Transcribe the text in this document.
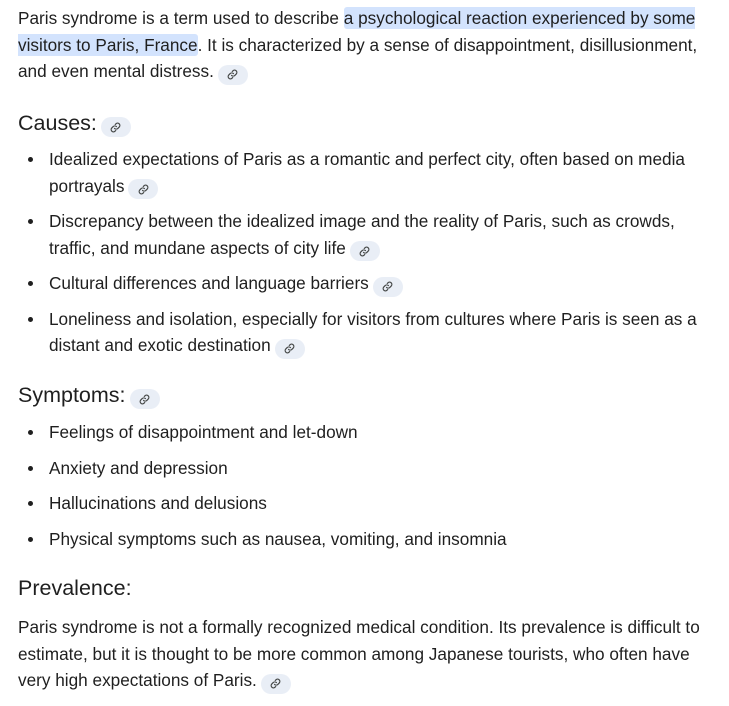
Paris syndrome is a term used to describe a psychological reaction experienced by some visitors to Paris, France. It is characterized by a sense of disappointment, disillusionment, and even mental distress.

Causes:
Idealized expectations of Paris as a romantic and perfect city, often based on media portrayals
Discrepancy between the idealized image and the reality of Paris, such as crowds, traffic, and mundane aspects of city life
Cultural differences and language barriers
Loneliness and isolation, especially for visitors from cultures where Paris is seen as a distant and exotic destination
Symptoms:
Feelings of disappointment and let-down
Anxiety and depression
Hallucinations and delusions
Physical symptoms such as nausea, vomiting, and insomnia
Prevalence:

Paris syndrome is not a formally recognized medical condition. Its prevalence is difficult to estimate, but it is thought to be more common among Japanese tourists, who often have very high expectations of Paris.
